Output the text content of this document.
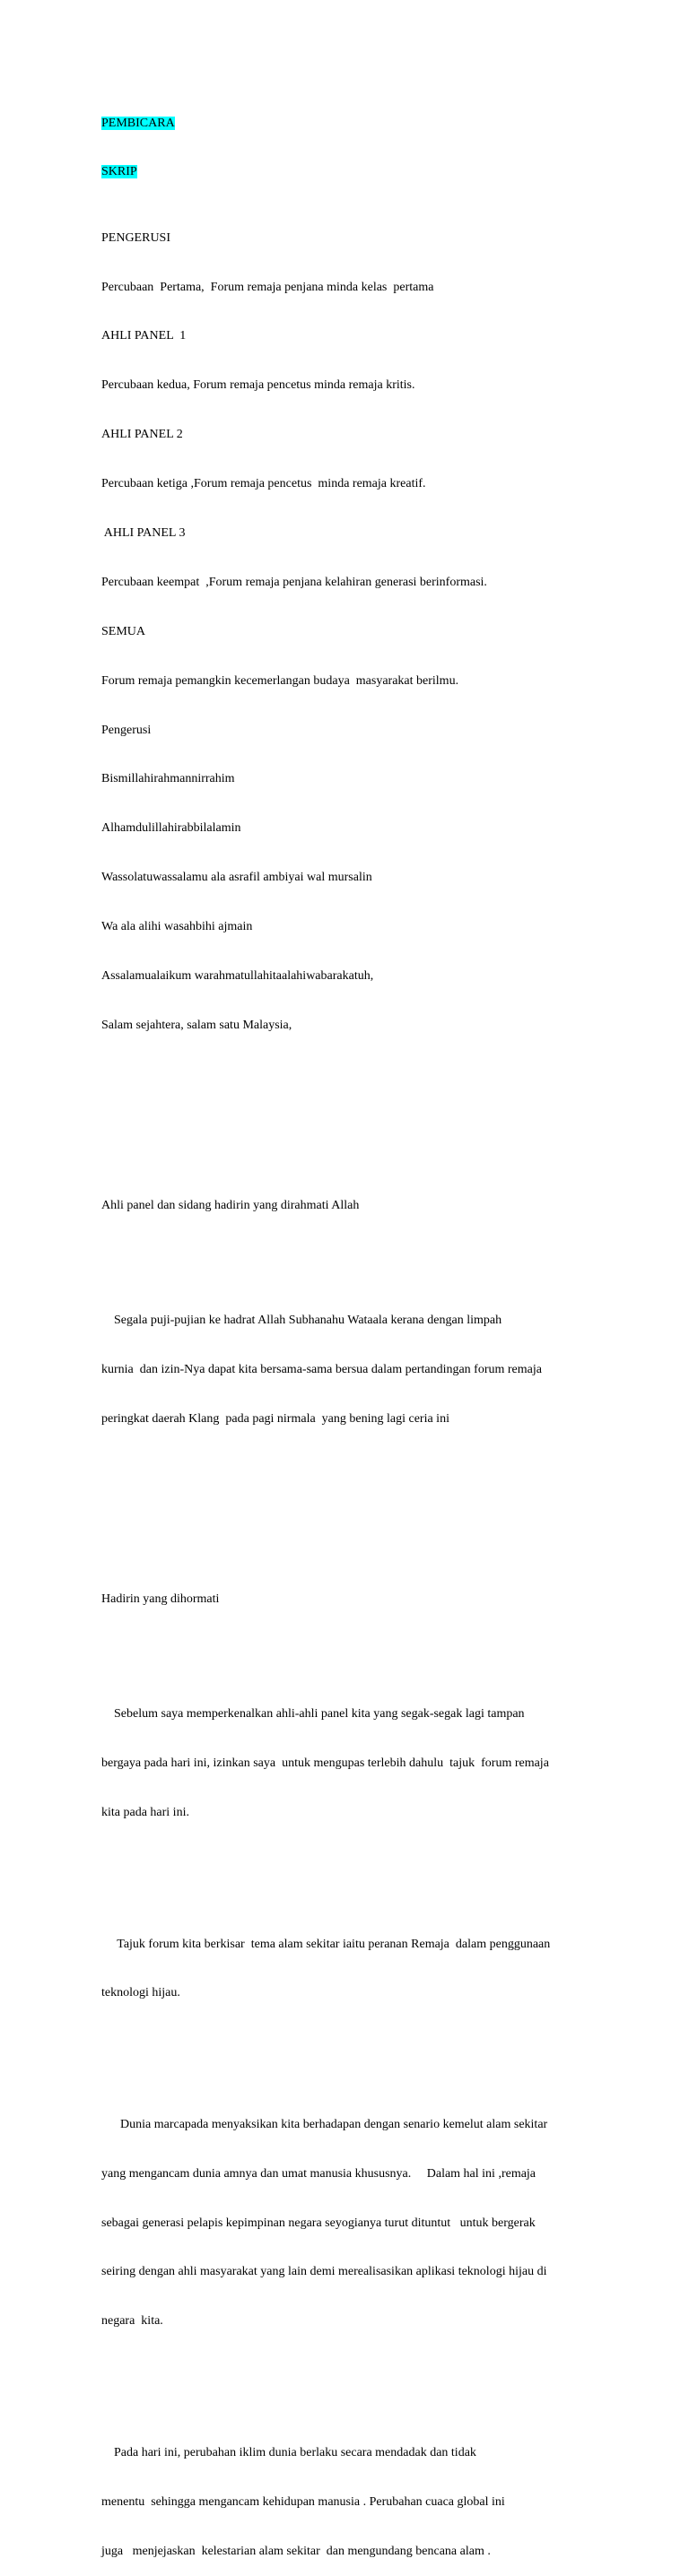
PEMBICARA

SKRIP

PENGERUSI

Percubaan  Pertama,  Forum remaja penjana minda kelas  pertama

AHLI PANEL  1

Percubaan kedua, Forum remaja pencetus minda remaja kritis.

AHLI PANEL 2

Percubaan ketiga ,Forum remaja pencetus  minda remaja kreatif.

AHLI PANEL 3

Percubaan keempat  ,Forum remaja penjana kelahiran generasi berinformasi.

SEMUA

Forum remaja pemangkin kecemerlangan budaya  masyarakat berilmu.

Pengerusi

Bismillahirahmannirrahim

Alhamdulillahirabbilalamin

Wassolatuwassalamu ala asrafil ambiyai wal mursalin

Wa ala alihi wasahbihi ajmain

Assalamualaikum warahmatullahitaalahiwabarakatuh,

Salam sejahtera, salam satu Malaysia,

Ahli panel dan sidang hadirin yang dirahmati Allah

Segala puji-pujian ke hadrat Allah Subhanahu Wataala kerana dengan limpah

kurnia  dan izin-Nya dapat kita bersama-sama bersua dalam pertandingan forum remaja

peringkat daerah Klang  pada pagi nirmala  yang bening lagi ceria ini

Hadirin yang dihormati

Sebelum saya memperkenalkan ahli-ahli panel kita yang segak-segak lagi tampan

bergaya pada hari ini, izinkan saya  untuk mengupas terlebih dahulu  tajuk  forum remaja

kita pada hari ini.

Tajuk forum kita berkisar  tema alam sekitar iaitu peranan Remaja  dalam penggunaan

teknologi hijau.

Dunia marcapada menyaksikan kita berhadapan dengan senario kemelut alam sekitar

yang mengancam dunia amnya dan umat manusia khususnya.     Dalam hal ini ,remaja

sebagai generasi pelapis kepimpinan negara seyogianya turut dituntut   untuk bergerak

seiring dengan ahli masyarakat yang lain demi merealisasikan aplikasi teknologi hijau di

negara  kita.

Pada hari ini, perubahan iklim dunia berlaku secara mendadak dan tidak

menentu  sehingga mengancam kehidupan manusia . Perubahan cuaca global ini

juga   menjejaskan  kelestarian alam sekitar  dan mengundang bencana alam .
